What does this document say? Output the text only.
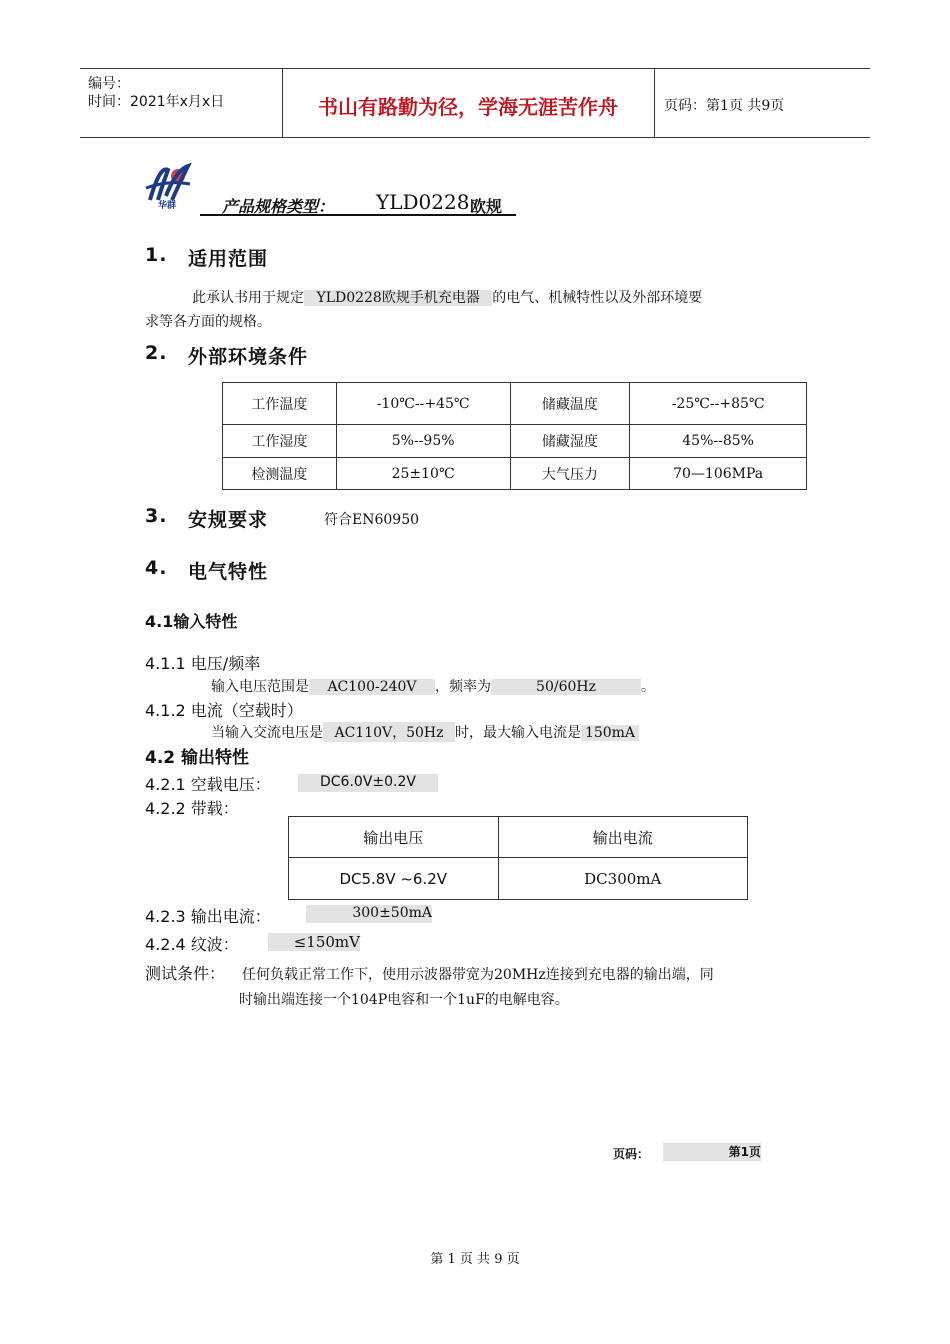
编号：
时间：2021年x月x日	书山有路勤为径，学海无涯苦作舟	页码：第1页 共9页
华群	产品规格类型： YLD0228 欧规
1. 适用范围
此承认书用于规定 YLD0228欧规手机充电器 的电气、机械特性以及外部环境要
求等各方面的规格。
2. 外部环境条件
工作温度	-10℃--+45℃	储藏温度	-25℃--+85℃
工作湿度	5%--95%	储藏湿度	45%--85%
检测温度	25±10℃	大气压力	70—106MPa
3. 安规要求	符合EN60950
4. 电气特性
4.1输入特性
4.1.1 电压/频率
输入电压范围是 AC100-240V ，频率为	50/60Hz	。
4.1.2 电流（空载时）
当输入交流电压是 AC110V，50Hz 时，最大输入电流是 150mA
4.2 输出特性
4.2.1 空载电压：	DC6.0V±0.2V
4.2.2 带载：
输出电压	输出电流
DC5.8V ~6.2V	DC300mA
4.2.3 输出电流：	300±50mA
4.2.4 纹波：	≤150mV
测试条件： 任何负载正常工作下，使用示波器带宽为20MHz连接到充电器的输出端，同
时输出端连接一个104P电容和一个1uF的电解电容。
页码：	第1页
第 1 页 共 9 页
